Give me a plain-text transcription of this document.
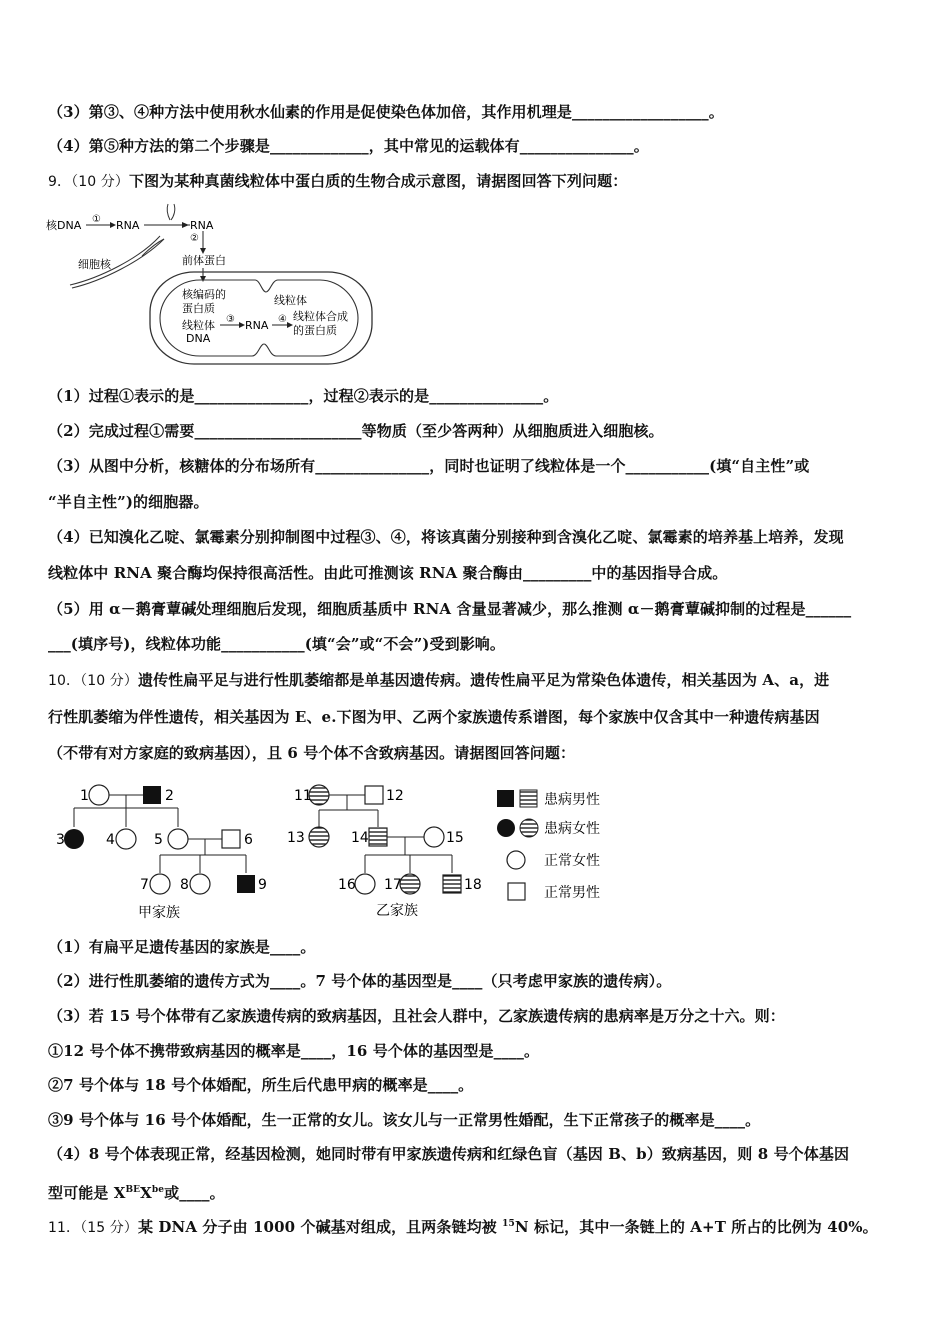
（3）第③、④种方法中使用秋水仙素的作用是促使染色体加倍，其作用机理是__________________。
（4）第⑤种方法的第二个步骤是_____________，其中常见的运载体有_______________。
9．（10 分）下图为某种真菌线粒体中蛋白质的生物合成示意图，请据图回答下列问题：
核DNA ① RNA	RNA
细胞核
②
前体蛋白
线粒体
核编码的
蛋白质
线粒体
DNA
③ RNA ④ 线粒体合成
的蛋白质
（1）过程①表示的是_______________，过程②表示的是_______________。
（2）完成过程①需要______________________等物质（至少答两种）从细胞质进入细胞核。
（3）从图中分析，核糖体的分布场所有_______________，同时也证明了线粒体是一个___________(填“自主性”或
“半自主性”)的细胞器。
（4）已知溴化乙啶、氯霉素分别抑制图中过程③、④，将该真菌分别接种到含溴化乙啶、氯霉素的培养基上培养，发现
线粒体中 RNA 聚合酶均保持很高活性。由此可推测该 RNA 聚合酶由_________中的基因指导合成。
（5）用 α－鹅膏蕈碱处理细胞后发现，细胞质基质中 RNA 含量显著减少，那么推测 α－鹅膏蕈碱抑制的过程是______
___(填序号)，线粒体功能___________(填“会”或“不会”)受到影响。
10．（10 分）遗传性扁平足与进行性肌萎缩都是单基因遗传病。遗传性扁平足为常染色体遗传，相关基因为 A、a，进
行性肌萎缩为伴性遗传，相关基因为 E、e.下图为甲、乙两个家族遗传系谱图，每个家族中仅含其中一种遗传病基因
（不带有对方家庭的致病基因），且 6 号个体不含致病基因。请据图回答问题：
1	2
3	4	5	6
7 8	9
甲家族
11	12
13	14	15
16 17	18
乙家族
患病男性
患病女性
正常女性
正常男性
（1）有扁平足遗传基因的家族是____。
（2）进行性肌萎缩的遗传方式为____。7 号个体的基因型是____（只考虑甲家族的遗传病）。
（3）若 15 号个体带有乙家族遗传病的致病基因，且社会人群中，乙家族遗传病的患病率是万分之十六。则：
①12 号个体不携带致病基因的概率是____，16 号个体的基因型是____。
②7 号个体与 18 号个体婚配，所生后代患甲病的概率是____。
③9 号个体与 16 号个体婚配，生一正常的女儿。该女儿与一正常男性婚配，生下正常孩子的概率是____。
（4）8 号个体表现正常，经基因检测，她同时带有甲家族遗传病和红绿色盲（基因 B、b）致病基因，则 8 号个体基因
型可能是 $X^{BE}X^{be}$或____。
11．（15 分）某 DNA 分子由 1000 个碱基对组成，且两条链均被 $^{15}$N 标记，其中一条链上的 A+T 所占的比例为 40%。
